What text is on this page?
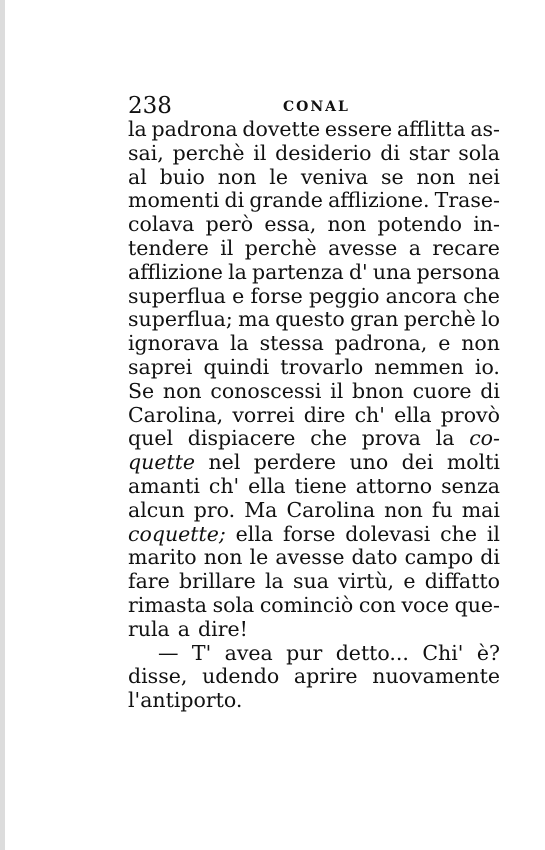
238	CONAL
la padrona dovette essere afflitta as-
sai, perchè il desiderio di star sola
al buio non le veniva se non nei
momenti di grande afflizione. Trase-
colava però essa, non potendo in-
tendere il perchè avesse a recare
afflizione la partenza d' una persona
superflua e forse peggio ancora che
superflua; ma questo gran perchè lo
ignorava la stessa padrona, e non
saprei quindi trovarlo nemmen io.
Se non conoscessi il bnon cuore di
Carolina, vorrei dire ch' ella provò
quel dispiacere che prova la co-
quette nel perdere uno dei molti
amanti ch' ella tiene attorno senza
alcun pro. Ma Carolina non fu mai
coquette; ella forse dolevasi che il
marito non le avesse dato campo di
fare brillare la sua virtù, e diffatto
rimasta sola cominciò con voce que-
rula a dire!
— T' avea pur detto... Chi' è?
disse, udendo aprire nuovamente
l' antiporto.
